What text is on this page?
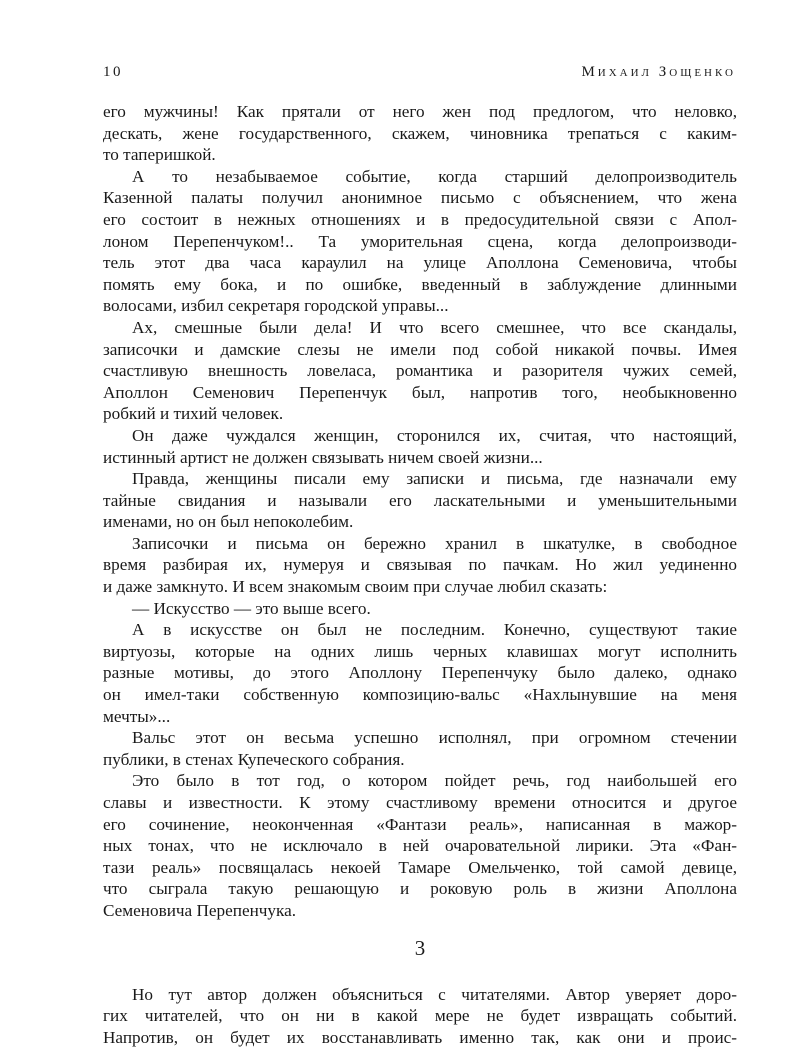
10	Михаил Зощенко
его мужчины! Как прятали от него жен под предлогом, что неловко,
дескать, жене государственного, скажем, чиновника трепаться с каким-
то таперишкой.
А то незабываемое событие, когда старший делопроизводитель
Казенной палаты получил анонимное письмо с объяснением, что жена
его состоит в нежных отношениях и в предосудительной связи с Апол-
лоном Перепенчуком!.. Та уморительная сцена, когда делопроизводи-
тель этот два часа караулил на улице Аполлона Семеновича, чтобы
помять ему бока, и по ошибке, введенный в заблуждение длинными
волосами, избил секретаря городской управы...
Ах, смешные были дела! И что всего смешнее, что все скандалы,
записочки и дамские слезы не имели под собой никакой почвы. Имея
счастливую внешность ловеласа, романтика и разорителя чужих семей,
Аполлон Семенович Перепенчук был, напротив того, необыкновенно
робкий и тихий человек.
Он даже чуждался женщин, сторонился их, считая, что настоящий,
истинный артист не должен связывать ничем своей жизни...
Правда, женщины писали ему записки и письма, где назначали ему
тайные свидания и называли его ласкательными и уменьшительными
именами, но он был непоколебим.
Записочки и письма он бережно хранил в шкатулке, в свободное
время разбирая их, нумеруя и связывая по пачкам. Но жил уединенно
и даже замкнуто. И всем знакомым своим при случае любил сказать:
— Искусство — это выше всего.
А в искусстве он был не последним. Конечно, существуют такие
виртуозы, которые на одних лишь черных клавишах могут исполнить
разные мотивы, до этого Аполлону Перепенчуку было далеко, однако
он имел-таки собственную композицию-вальс «Нахлынувшие на меня
мечты»...
Вальс этот он весьма успешно исполнял, при огромном стечении
публики, в стенах Купеческого собрания.
Это было в тот год, о котором пойдет речь, год наибольшей его
славы и известности. К этому счастливому времени относится и другое
его сочинение, неоконченная «Фантази реаль», написанная в мажор-
ных тонах, что не исключало в ней очаровательной лирики. Эта «Фан-
тази реаль» посвящалась некоей Тамаре Омельченко, той самой девице,
что сыграла такую решающую и роковую роль в жизни Аполлона
Семеновича Перепенчука.
3
Но тут автор должен объясниться с читателями. Автор уверяет доро-
гих читателей, что он ни в какой мере не будет извращать событий.
Напротив, он будет их восстанавливать именно так, как они и проис-
